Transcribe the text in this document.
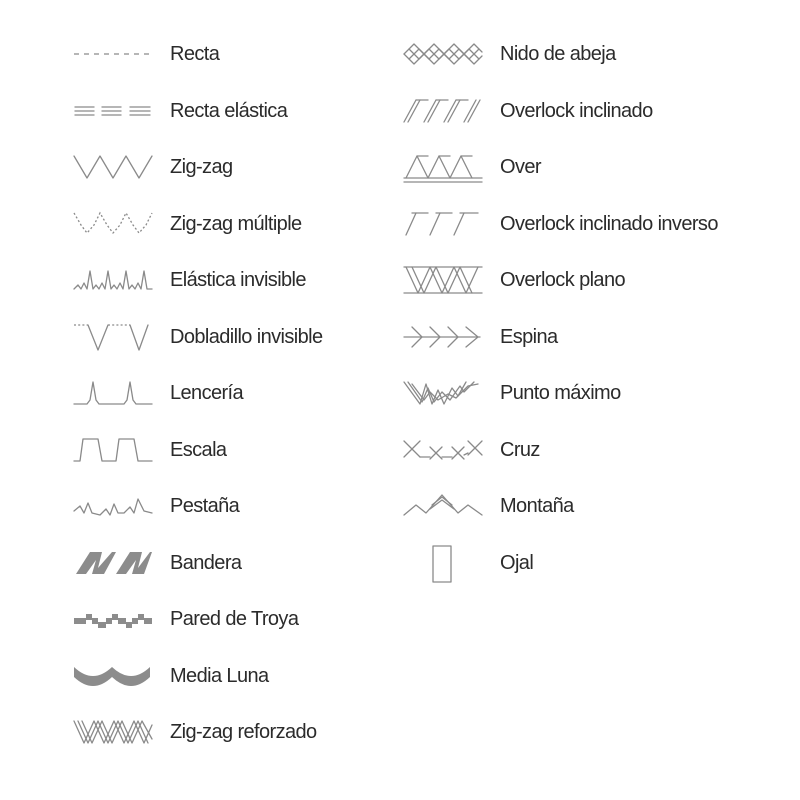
Recta
Recta elástica
Zig-zag
Zig-zag múltiple
Elástica invisible
Dobladillo invisible
Lencería
Escala
Pestaña
Bandera
Pared de Troya
Media Luna
Zig-zag reforzado
Nido de abeja
Overlock inclinado
Over
Overlock inclinado inverso
Overlock plano
Espina
Punto máximo
Cruz
Montaña
Ojal
